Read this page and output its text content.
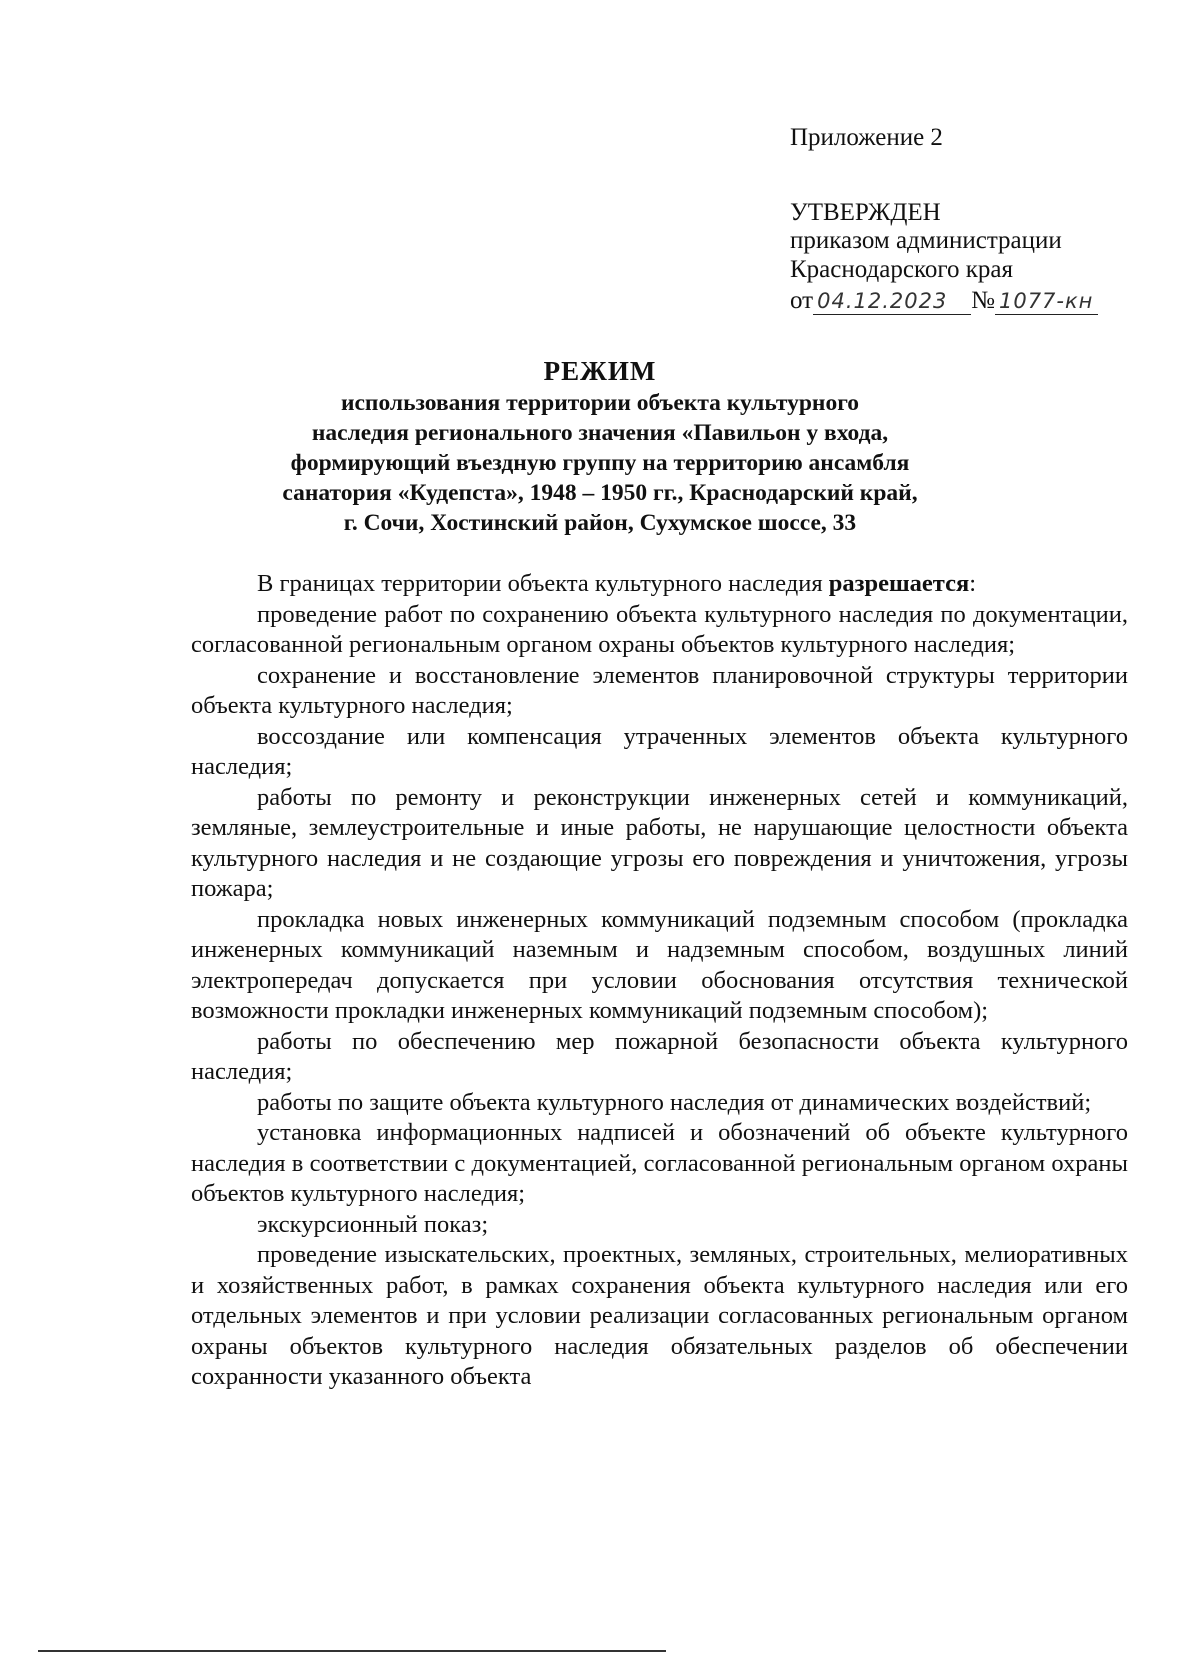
Приложение 2
УТВЕРЖДЕН
приказом администрации
Краснодарского края
от 04.12.2023 № 1077-кн
РЕЖИМ
использования территории объекта культурного
наследия регионального значения «Павильон у входа,
формирующий въездную группу на территорию ансамбля
санатория «Кудепста», 1948 – 1950 гг., Краснодарский край,
г. Сочи, Хостинский район, Сухумское шоссе, 33

В границах территории объекта культурного наследия разрешается:

проведение работ по сохранению объекта культурного наследия по документации, согласованной региональным органом охраны объектов культурного наследия;

сохранение и восстановление элементов планировочной структуры территории объекта культурного наследия;

воссоздание или компенсация утраченных элементов объекта культурного наследия;

работы по ремонту и реконструкции инженерных сетей и коммуникаций, земляные, землеустроительные и иные работы, не нарушающие целостности объекта культурного наследия и не создающие угрозы его повреждения и уничтожения, угрозы пожара;

прокладка новых инженерных коммуникаций подземным способом (прокладка инженерных коммуникаций наземным и надземным способом, воздушных линий электропередач допускается при условии обоснования отсутствия технической возможности прокладки инженерных коммуникаций подземным способом);

работы по обеспечению мер пожарной безопасности объекта культурного наследия;

работы по защите объекта культурного наследия от динамических воздействий;

установка информационных надписей и обозначений об объекте культурного наследия в соответствии с документацией, согласованной региональным органом охраны объектов культурного наследия;

экскурсионный показ;

проведение изыскательских, проектных, земляных, строительных, мелиоративных и хозяйственных работ, в рамках сохранения объекта культурного наследия или его отдельных элементов и при условии реализации согласованных региональным органом охраны объектов культурного наследия обязательных разделов об обеспечении сохранности указанного объекта
